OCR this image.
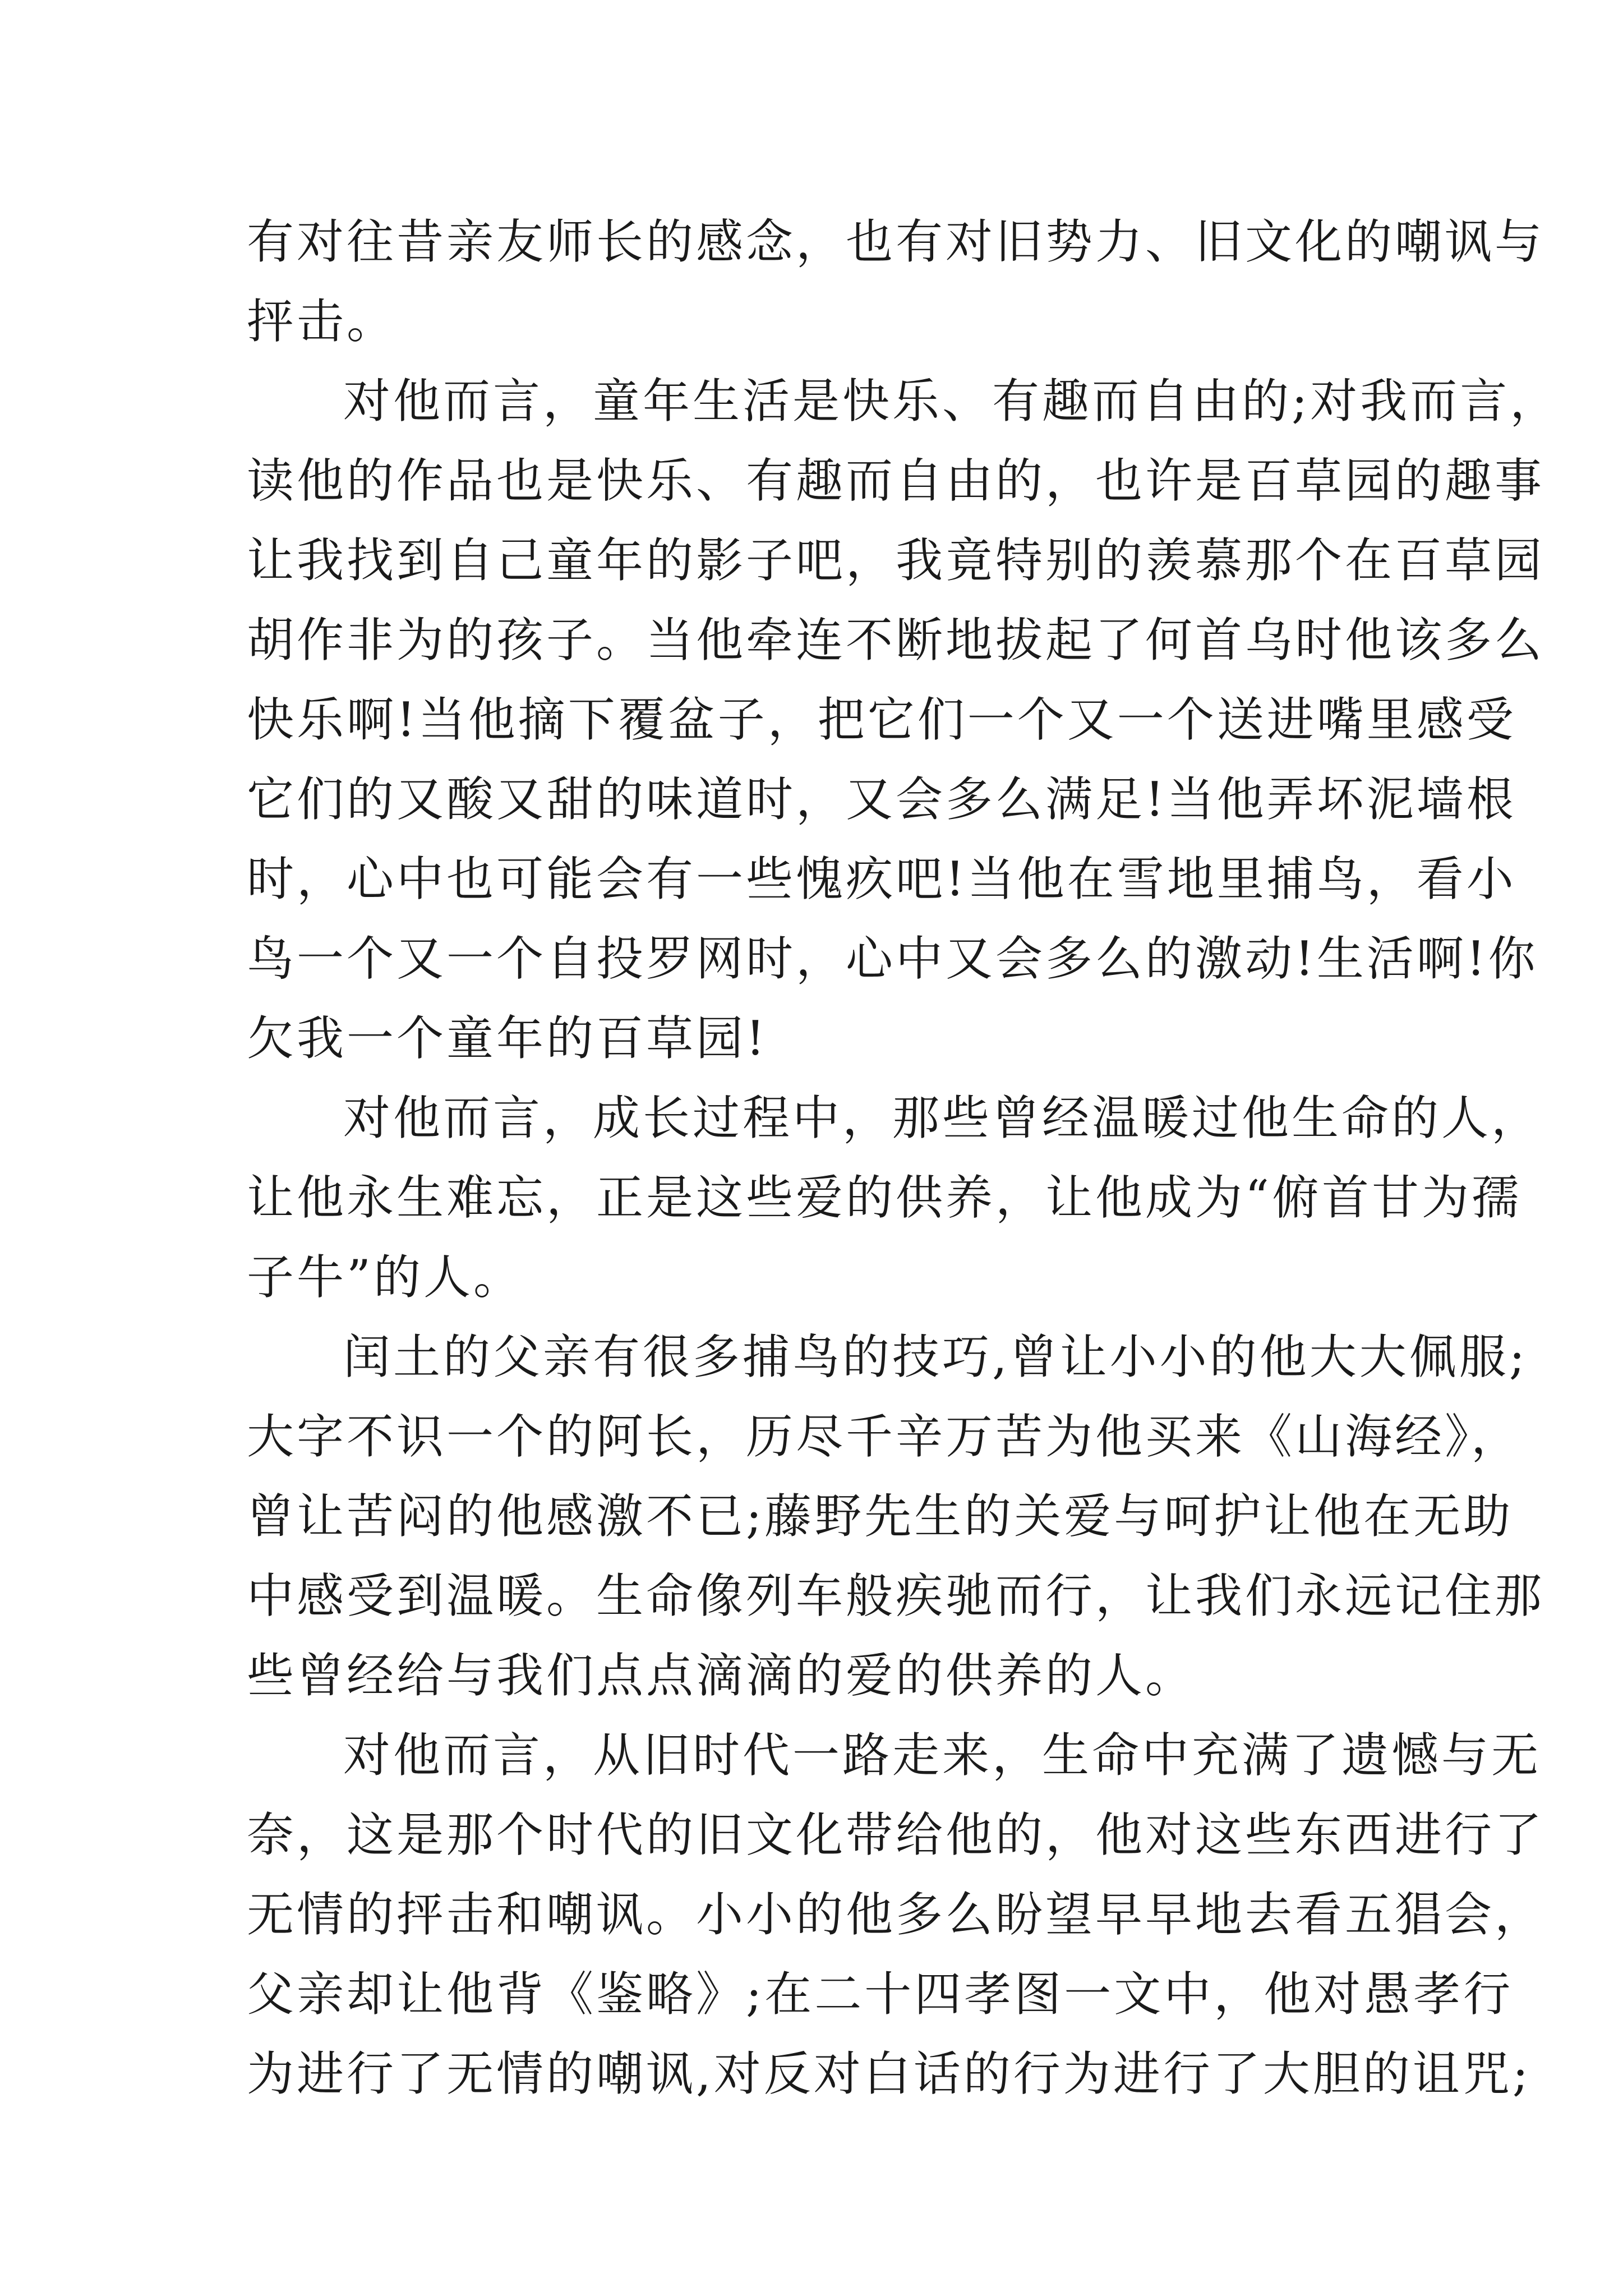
有对往昔亲友师长的感念，也有对旧势力、旧文化的嘲讽与
抨击。
对他而言，童年生活是快乐、有趣而自由的;对我而言，
读他的作品也是快乐、有趣而自由的，也许是百草园的趣事
让我找到自己童年的影子吧，我竟特别的羡慕那个在百草园
胡作非为的孩子。当他牵连不断地拔起了何首乌时他该多么
快乐啊!当他摘下覆盆子，把它们一个又一个送进嘴里感受
它们的又酸又甜的味道时，又会多么满足!当他弄坏泥墙根
时，心中也可能会有一些愧疚吧!当他在雪地里捕鸟，看小
鸟一个又一个自投罗网时，心中又会多么的激动!生活啊!你
欠我一个童年的百草园!
对他而言，成长过程中，那些曾经温暖过他生命的人，
让他永生难忘，正是这些爱的供养，让他成为“俯首甘为孺
子牛”的人。
闰土的父亲有很多捕鸟的技巧,曾让小小的他大大佩服;
大字不识一个的阿长，历尽千辛万苦为他买来《山海经》，
曾让苦闷的他感激不已;藤野先生的关爱与呵护让他在无助
中感受到温暖。生命像列车般疾驰而行，让我们永远记住那
些曾经给与我们点点滴滴的爱的供养的人。
对他而言，从旧时代一路走来，生命中充满了遗憾与无
奈，这是那个时代的旧文化带给他的，他对这些东西进行了
无情的抨击和嘲讽。小小的他多么盼望早早地去看五猖会，
父亲却让他背《鉴略》;在二十四孝图一文中，他对愚孝行
为进行了无情的嘲讽,对反对白话的行为进行了大胆的诅咒;
